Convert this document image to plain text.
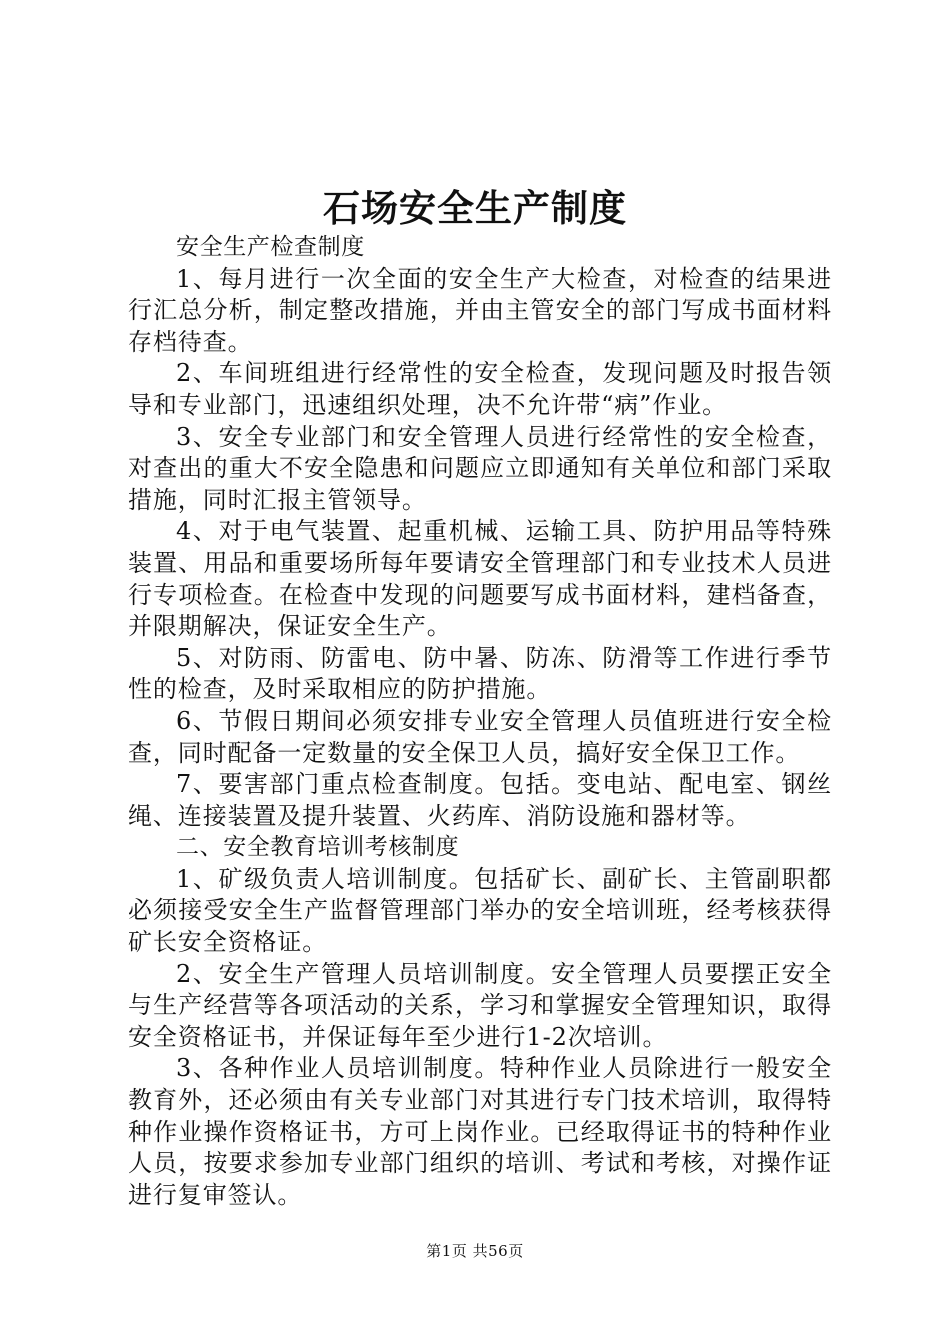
石场安全生产制度

安全生产检查制度

1、每月进行一次全面的安全生产大检查，对检查的结果进行汇总分析，制定整改措施，并由主管安全的部门写成书面材料存档待查。

2、车间班组进行经常性的安全检查，发现问题及时报告领导和专业部门，迅速组织处理，决不允许带“病”作业。

3、安全专业部门和安全管理人员进行经常性的安全检查，对查出的重大不安全隐患和问题应立即通知有关单位和部门采取措施，同时汇报主管领导。

4、对于电气装置、起重机械、运输工具、防护用品等特殊装置、用品和重要场所每年要请安全管理部门和专业技术人员进行专项检查。在检查中发现的问题要写成书面材料，建档备查，并限期解决，保证安全生产。

5、对防雨、防雷电、防中暑、防冻、防滑等工作进行季节性的检查，及时采取相应的防护措施。

6、节假日期间必须安排专业安全管理人员值班进行安全检查，同时配备一定数量的安全保卫人员，搞好安全保卫工作。

7、要害部门重点检查制度。包括。变电站、配电室、钢丝绳、连接装置及提升装置、火药库、消防设施和器材等。

二、安全教育培训考核制度

1、矿级负责人培训制度。包括矿长、副矿长、主管副职都必须接受安全生产监督管理部门举办的安全培训班，经考核获得矿长安全资格证。

2、安全生产管理人员培训制度。安全管理人员要摆正安全与生产经营等各项活动的关系，学习和掌握安全管理知识，取得安全资格证书，并保证每年至少进行1-2次培训。

3、各种作业人员培训制度。特种作业人员除进行一般安全教育外，还必须由有关专业部门对其进行专门技术培训，取得特种作业操作资格证书，方可上岗作业。已经取得证书的特种作业人员，按要求参加专业部门组织的培训、考试和考核，对操作证进行复审签认。

第1页 共56页
